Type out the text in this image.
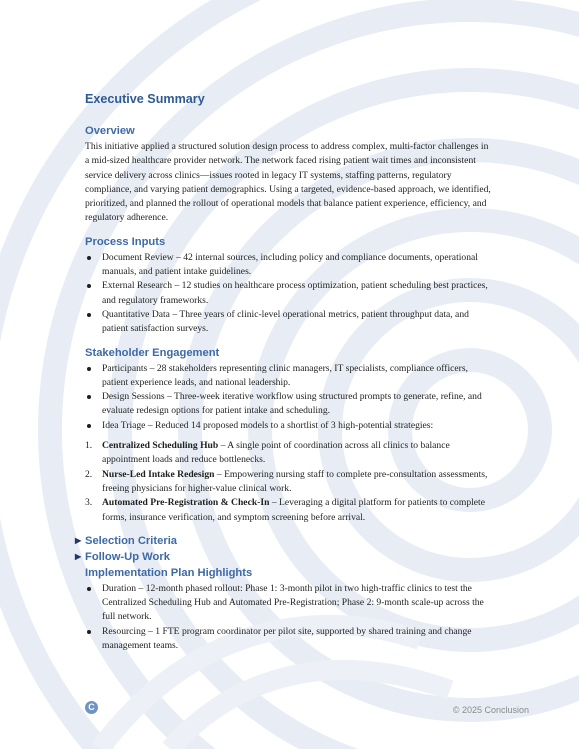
Executive Summary
Overview

This initiative applied a structured solution design process to address complex, multi-factor challenges in a mid-sized healthcare provider network. The network faced rising patient wait times and inconsistent service delivery across clinics—issues rooted in legacy IT systems, staffing patterns, regulatory compliance, and varying patient demographics. Using a targeted, evidence-based approach, we identified, prioritized, and planned the rollout of operational models that balance patient experience, efficiency, and regulatory adherence.

Process Inputs
Document Review – 42 internal sources, including policy and compliance documents, operational manuals, and patient intake guidelines.
External Research – 12 studies on healthcare process optimization, patient scheduling best practices, and regulatory frameworks.
Quantitative Data – Three years of clinic-level operational metrics, patient throughput data, and patient satisfaction surveys.
Stakeholder Engagement
Participants – 28 stakeholders representing clinic managers, IT specialists, compliance officers, patient experience leads, and national leadership.
Design Sessions – Three-week iterative workflow using structured prompts to generate, refine, and evaluate redesign options for patient intake and scheduling.
Idea Triage – Reduced 14 proposed models to a shortlist of 3 high-potential strategies:
1. Centralized Scheduling Hub – A single point of coordination across all clinics to balance appointment loads and reduce bottlenecks.
2. Nurse-Led Intake Redesign – Empowering nursing staff to complete pre-consultation assessments, freeing physicians for higher-value clinical work.
3. Automated Pre-Registration & Check-In – Leveraging a digital platform for patients to complete forms, insurance verification, and symptom screening before arrival.
▶ Selection Criteria
▶ Follow-Up Work
Implementation Plan Highlights
Duration – 12-month phased rollout: Phase 1: 3-month pilot in two high-traffic clinics to test the Centralized Scheduling Hub and Automated Pre-Registration; Phase 2: 9-month scale-up across the full network.
Resourcing – 1 FTE program coordinator per pilot site, supported by shared training and change management teams.
C	© 2025 Conclusion
